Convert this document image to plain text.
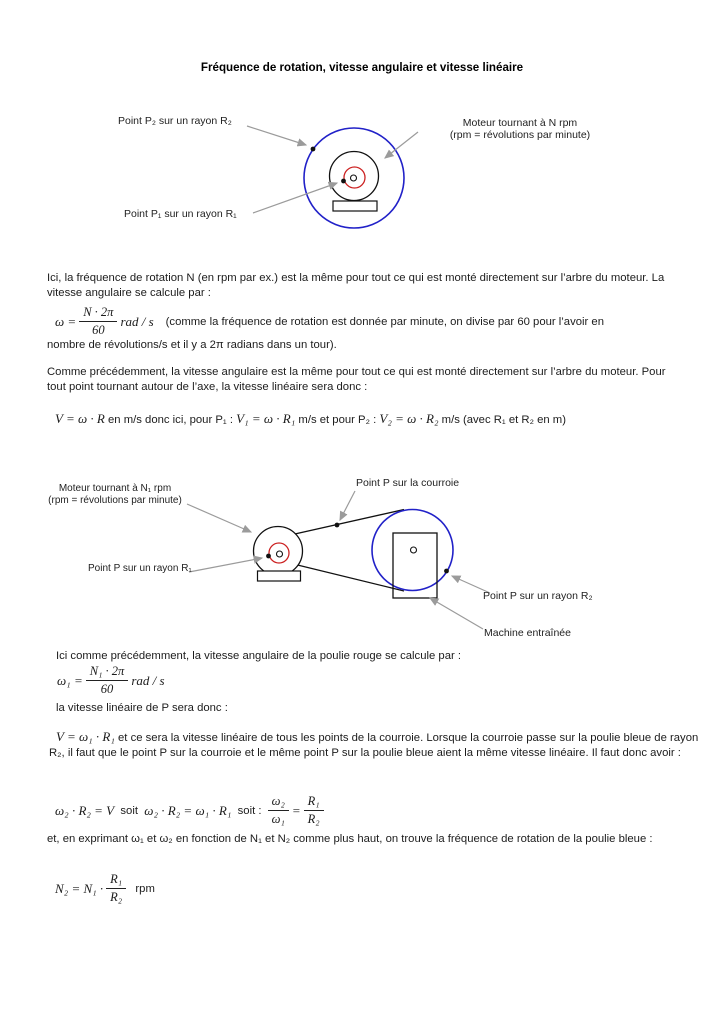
Fréquence de rotation, vitesse angulaire et vitesse linéaire
Point P₂ sur un rayon R₂	Moteur tournant à N rpm
(rpm = révolutions par minute)
Point P₁ sur un rayon R₁
Ici, la fréquence de rotation N (en rpm par ex.) est la même pour tout ce qui est monté directement sur l’arbre du moteur. La vitesse angulaire se calcule par :
$\omega = \frac{N \cdot 2\pi}{60}$ rad / s (comme la fréquence de rotation est donnée par minute, on divise par 60 pour l’avoir en
nombre de révolutions/s et il y a 2π radians dans un tour).
Comme précédemment, la vitesse angulaire est la même pour tout ce qui est monté directement sur l’arbre du moteur. Pour tout point tournant autour de l’axe, la vitesse linéaire sera donc :
V = ω · R en m/s donc ici, pour P₁ : V₁ = ω · R₁ m/s et pour P₂ : V₂ = ω · R₂ m/s (avec R₁ et R₂ en m)
Moteur tournant à N₁ rpm
(rpm = révolutions par minute)
Point P sur la courroie
Point P sur un rayon R₁
Point P sur un rayon R₂
Machine entraînée
Ici comme précédemment, la vitesse angulaire de la poulie rouge se calcule par :
$\omega_1 = \frac{\text{N₁ · 2π}}{60}$ rad / s
la vitesse linéaire de P sera donc :
V = ω₁ · R₁ et ce sera la vitesse linéaire de tous les points de la courroie. Lorsque la courroie passe sur la poulie bleue de rayon R₂, il faut que le point P sur la courroie et le même point P sur la poulie bleue aient la même vitesse linéaire. Il faut donc avoir :
ω₂ · R₂ = V soit ω₂ · R₂ = ω₁ · R₁ soit : $\frac{\text{ω₂}}{\text{ω₁}} = \frac{\text{R₁}}{\text{R₂}}$
et, en exprimant ω₁ et ω₂ en fonction de N₁ et N₂ comme plus haut, on trouve la fréquence de rotation de la poulie bleue :
$N_2 = N_1 \cdot \frac{\text{R₁}}{\text{R₂}}$ rpm
